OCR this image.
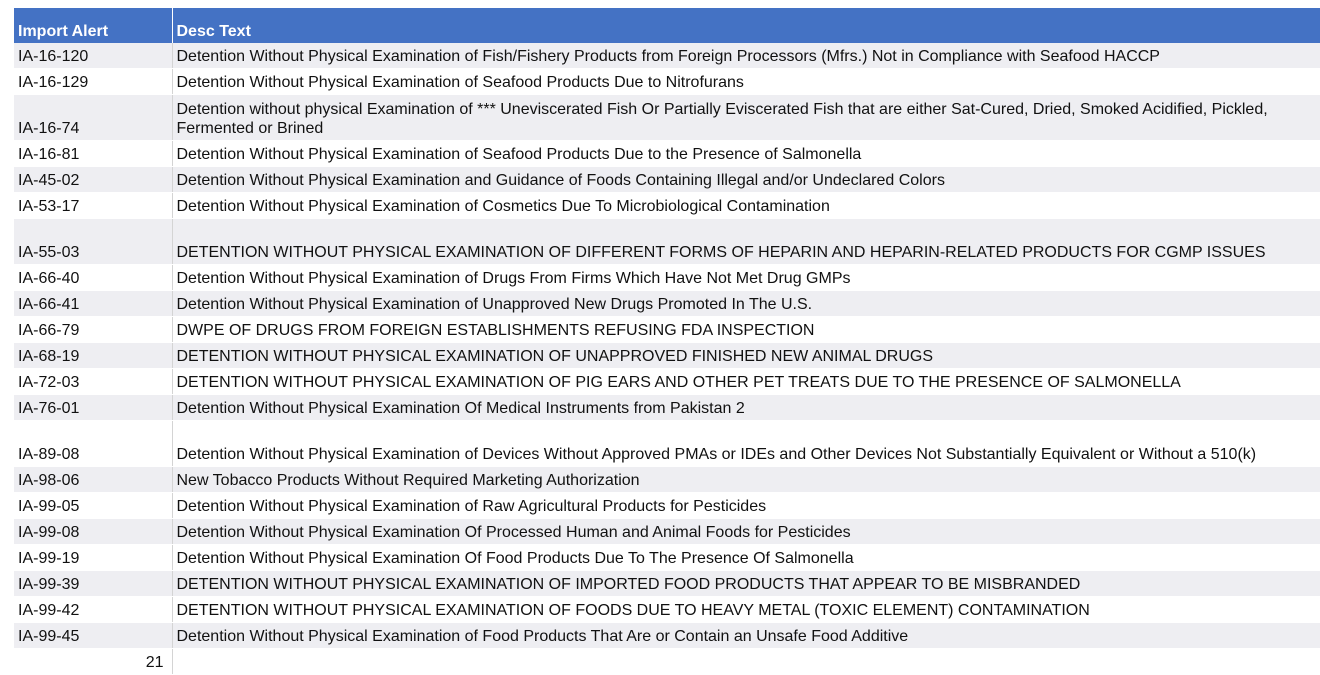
Import Alert	Desc Text
IA-16-120	Detention Without Physical Examination of Fish/Fishery Products from Foreign Processors (Mfrs.) Not in Compliance with Seafood HACCP
IA-16-129	Detention Without Physical Examination of Seafood Products Due to Nitrofurans
IA-16-74	Detention without physical Examination of *** Uneviscerated Fish Or Partially Eviscerated Fish that are either Sat-Cured, Dried, Smoked Acidified, Pickled, Fermented or Brined
IA-16-81	Detention Without Physical Examination of Seafood Products Due to the Presence of Salmonella
IA-45-02	Detention Without Physical Examination and Guidance of Foods Containing Illegal and/or Undeclared Colors
IA-53-17	Detention Without Physical Examination of Cosmetics Due To Microbiological Contamination
IA-55-03	DETENTION WITHOUT PHYSICAL EXAMINATION OF DIFFERENT FORMS OF HEPARIN AND HEPARIN-RELATED PRODUCTS FOR CGMP ISSUES
IA-66-40	Detention Without Physical Examination of Drugs From Firms Which Have Not Met Drug GMPs
IA-66-41	Detention Without Physical Examination of Unapproved New Drugs Promoted In The U.S.
IA-66-79	DWPE OF DRUGS FROM FOREIGN ESTABLISHMENTS REFUSING FDA INSPECTION
IA-68-19	DETENTION WITHOUT PHYSICAL EXAMINATION OF UNAPPROVED FINISHED NEW ANIMAL DRUGS
IA-72-03	DETENTION WITHOUT PHYSICAL EXAMINATION OF PIG EARS AND OTHER PET TREATS DUE TO THE PRESENCE OF SALMONELLA
IA-76-01	Detention Without Physical Examination Of Medical Instruments from Pakistan 2
IA-89-08	Detention Without Physical Examination of Devices Without Approved PMAs or IDEs and Other Devices Not Substantially Equivalent or Without a 510(k)
IA-98-06	New Tobacco Products Without Required Marketing Authorization
IA-99-05	Detention Without Physical Examination of Raw Agricultural Products for Pesticides
IA-99-08	Detention Without Physical Examination Of Processed Human and Animal Foods for Pesticides
IA-99-19	Detention Without Physical Examination Of Food Products Due To The Presence Of Salmonella
IA-99-39	DETENTION WITHOUT PHYSICAL EXAMINATION OF IMPORTED FOOD PRODUCTS THAT APPEAR TO BE MISBRANDED
IA-99-42	DETENTION WITHOUT PHYSICAL EXAMINATION OF FOODS DUE TO HEAVY METAL (TOXIC ELEMENT) CONTAMINATION
IA-99-45	Detention Without Physical Examination of Food Products That Are or Contain an Unsafe Food Additive
21	
